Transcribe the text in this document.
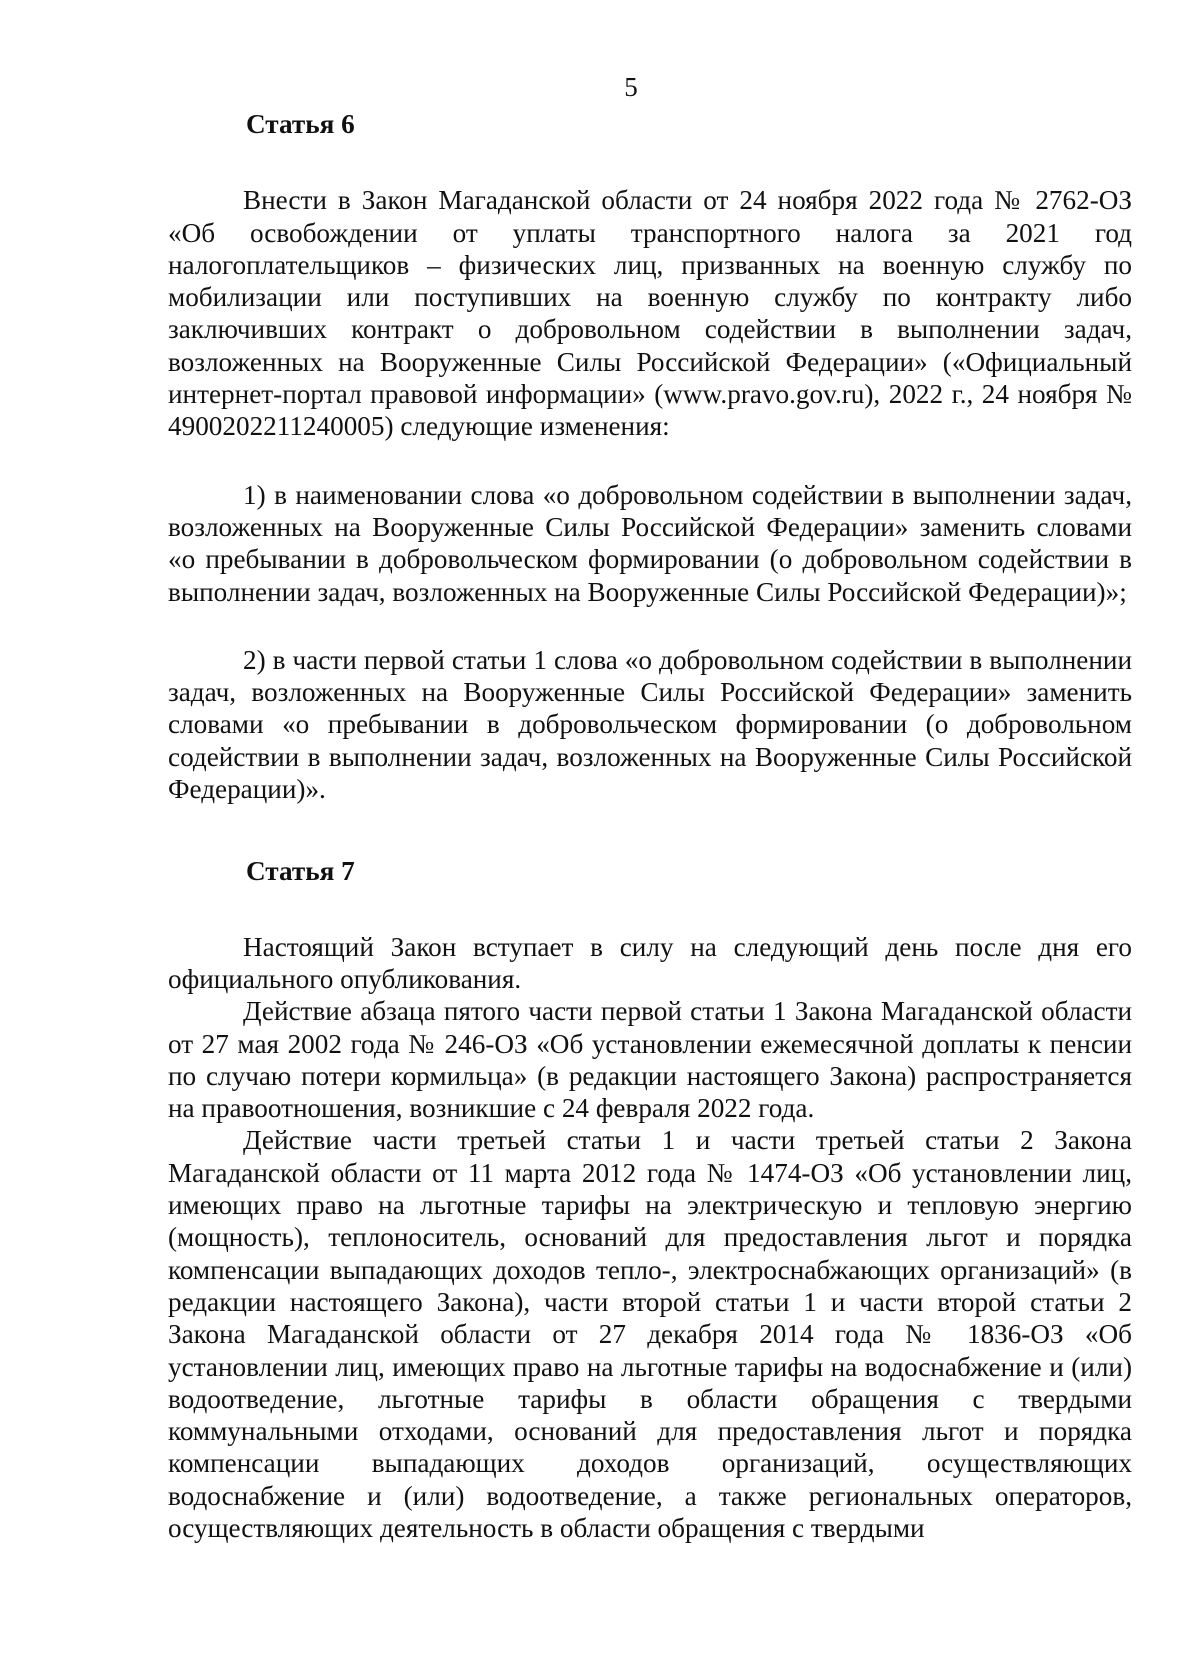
5
Статья 6

Внести в Закон Магаданской области от 24 ноября 2022 года № 2762-ОЗ «Об освобождении от уплаты транспортного налога за 2021 год налогоплательщиков – физических лиц, призванных на военную службу по мобилизации или поступивших на военную службу по контракту либо заключивших контракт о добровольном содействии в выполнении задач, возложенных на Вооруженные Силы Российской Федерации» («Официальный интернет-портал правовой информации» (www.pravo.gov.ru), 2022 г., 24 ноября № 4900202211240005) следующие изменения:

1) в наименовании слова «о добровольном содействии в выполнении задач, возложенных на Вооруженные Силы Российской Федерации» заменить словами «о пребывании в добровольческом формировании (о добровольном содействии в выполнении задач, возложенных на Вооруженные Силы Российской Федерации)»;

2) в части первой статьи 1 слова «о добровольном содействии в выполнении задач, возложенных на Вооруженные Силы Российской Федерации» заменить словами «о пребывании в добровольческом формировании (о добровольном содействии в выполнении задач, возложенных на Вооруженные Силы Российской Федерации)».

Статья 7

Настоящий Закон вступает в силу на следующий день после дня его официального опубликования.

Действие абзаца пятого части первой статьи 1 Закона Магаданской области от 27 мая 2002 года № 246-ОЗ «Об установлении ежемесячной доплаты к пенсии по случаю потери кормильца» (в редакции настоящего Закона) распространяется на правоотношения, возникшие с 24 февраля 2022 года.

Действие части третьей статьи 1 и части третьей статьи 2 Закона Магаданской области от 11 марта 2012 года № 1474-ОЗ «Об установлении лиц, имеющих право на льготные тарифы на электрическую и тепловую энергию (мощность), теплоноситель, оснований для предоставления льгот и порядка компенсации выпадающих доходов тепло-, электроснабжающих организаций» (в редакции настоящего Закона), части второй статьи 1 и части второй статьи 2 Закона Магаданской области от 27 декабря 2014 года № 1836-ОЗ «Об установлении лиц, имеющих право на льготные тарифы на водоснабжение и (или) водоотведение, льготные тарифы в области обращения с твердыми коммунальными отходами, оснований для предоставления льгот и порядка компенсации выпадающих доходов организаций, осуществляющих водоснабжение и (или) водоотведение, а также региональных операторов, осуществляющих деятельность в области обращения с твердыми
